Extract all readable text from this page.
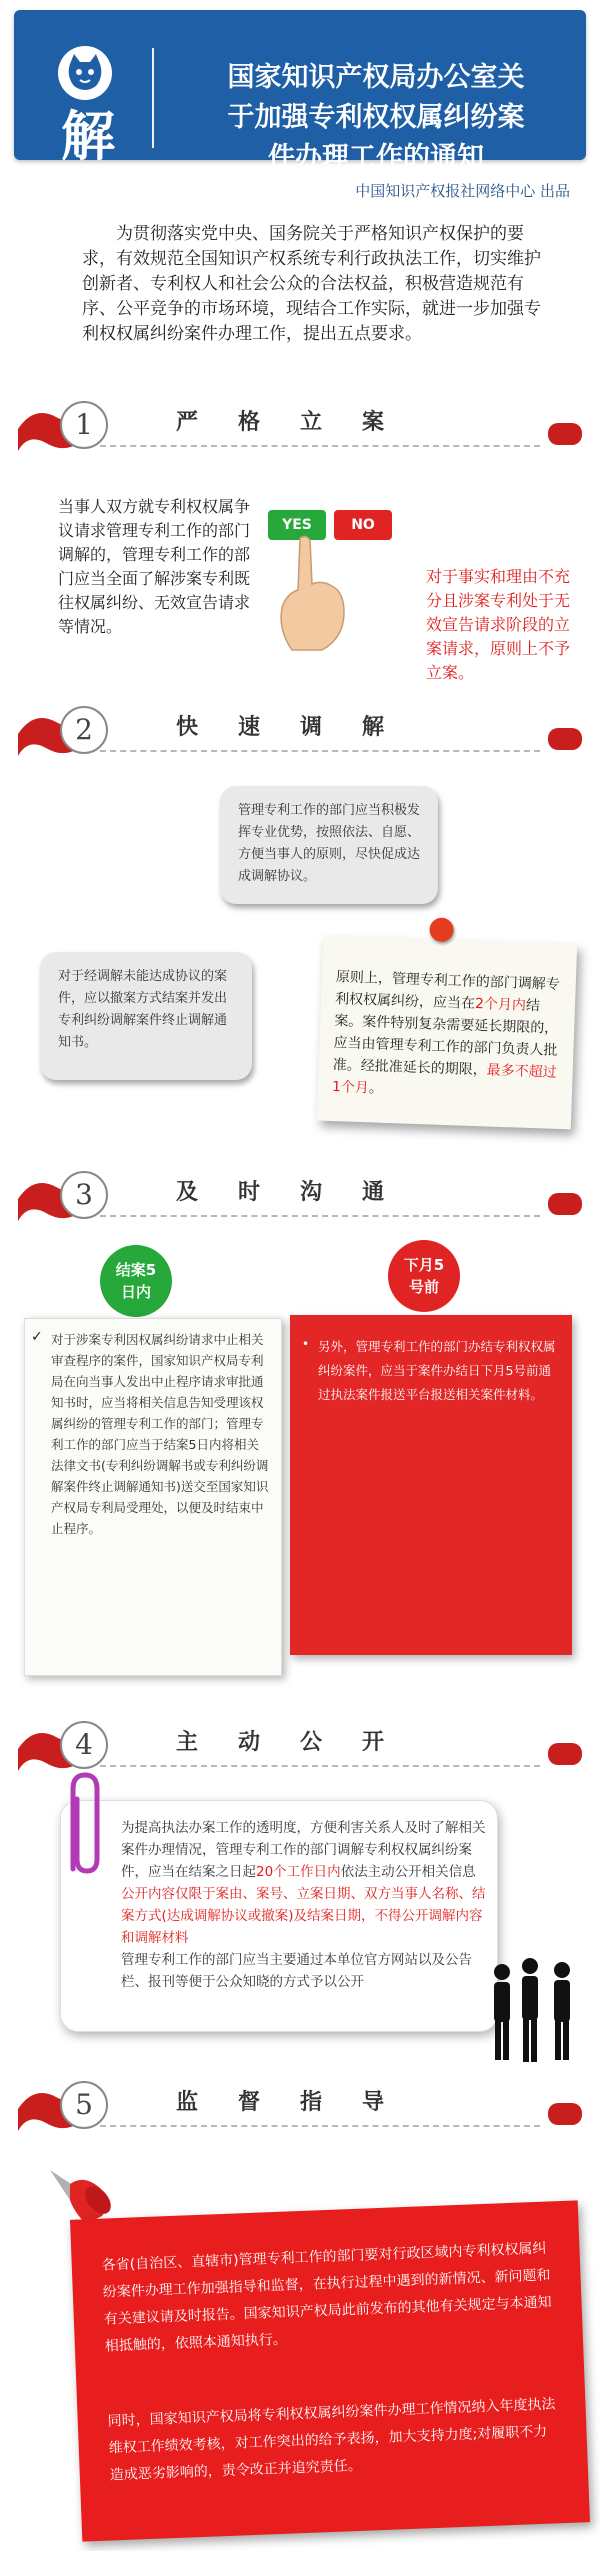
解
国家知识产权局办公室关
于加强专利权权属纠纷案
件办理工作的通知
中国知识产权报社网络中心 出品
为贯彻落实党中央、国务院关于严格知识产权保护的要求，有效规范全国知识产权系统专利行政执法工作，切实维护创新者、专利权人和社会公众的合法权益，积极营造规范有序、公平竞争的市场环境，现结合工作实际，就进一步加强专利权权属纠纷案件办理工作，提出五点要求。
1	严格立案
当事人双方就专利权权属争议请求管理专利工作的部门调解的，管理专利工作的部门应当全面了解涉案专利既往权属纠纷、无效宣告请求等情况。
YES	NO
对于事实和理由不充分且涉案专利处于无效宣告请求阶段的立案请求，原则上不予立案。
2	快速调解
管理专利工作的部门应当积极发挥专业优势，按照依法、自愿、方便当事人的原则，尽快促成达成调解协议。
对于经调解未能达成协议的案件，应以撤案方式结案并发出专利纠纷调解案件终止调解通知书。
原则上，管理专利工作的部门调解专利权权属纠纷，应当在2个月内结案。案件特别复杂需要延长期限的，应当由管理专利工作的部门负责人批准。经批准延长的期限，最多不超过1个月。
3	及时沟通
结案5
日内
下月5
号前
✓ 对于涉案专利因权属纠纷请求中止相关审查程序的案件，国家知识产权局专利局在向当事人发出中止程序请求审批通知书时，应当将相关信息告知受理该权属纠纷的管理专利工作的部门；管理专利工作的部门应当于结案5日内将相关法律文书(专利纠纷调解书或专利纠纷调解案件终止调解通知书)送交至国家知识产权局专利局受理处，以便及时结束中止程序。
• 另外，管理专利工作的部门办结专利权权属纠纷案件，应当于案件办结日下月5号前通过执法案件报送平台报送相关案件材料。
4	主动公开
为提高执法办案工作的透明度，方便利害关系人及时了解相关案件办理情况，管理专利工作的部门调解专利权权属纠纷案件，应当在结案之日起20个工作日内依法主动公开相关信息
公开内容仅限于案由、案号、立案日期、双方当事人名称、结案方式(达成调解协议或撤案)及结案日期，不得公开调解内容和调解材料
管理专利工作的部门应当主要通过本单位官方网站以及公告栏、报刊等便于公众知晓的方式予以公开
5	监督指导
各省(自治区、直辖市)管理专利工作的部门要对行政区域内专利权权属纠纷案件办理工作加强指导和监督，在执行过程中遇到的新情况、新问题和有关建议请及时报告。国家知识产权局此前发布的其他有关规定与本通知相抵触的，依照本通知执行。
同时，国家知识产权局将专利权权属纠纷案件办理工作情况纳入年度执法维权工作绩效考核，对工作突出的给予表扬，加大支持力度;对履职不力造成恶劣影响的，责令改正并追究责任。
